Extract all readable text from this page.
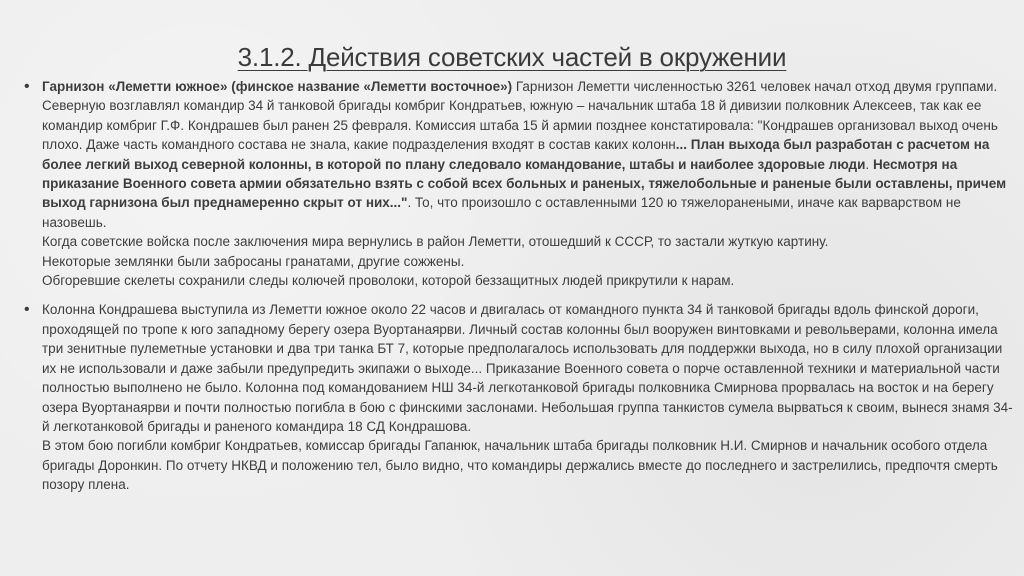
3.1.2. Действия советских частей в окружении
• Гарнизон «Леметти южное» (финское название «Леметти восточное») Гарнизон Леметти численностью 3261 человек начал отход двумя группами. Северную возглавлял командир 34 й танковой бригады комбриг Кондратьев, южную – начальник штаба 18 й дивизии полковник Алексеев, так как ее командир комбриг Г.Ф. Кондрашев был ранен 25 февраля. Комиссия штаба 15 й армии позднее констатировала: "Кондрашев организовал выход очень плохо. Даже часть командного состава не знала, какие подразделения входят в состав каких колонн... План выхода был разработан с расчетом на более легкий выход северной колонны, в которой по плану следовало командование, штабы и наиболее здоровые люди. Несмотря на приказание Военного совета армии обязательно взять с собой всех больных и раненых, тяжелобольные и раненые были оставлены, причем выход гарнизона был преднамеренно скрыт от них...". То, что произошло с оставленными 120 ю тяжелоранеными, иначе как варварством не назовешь.
Когда советские войска после заключения мира вернулись в район Леметти, отошедший к СССР, то застали жуткую картину.
Некоторые землянки были забросаны гранатами, другие сожжены.
Обгоревшие скелеты сохранили следы колючей проволоки, которой беззащитных людей прикрутили к нарам.
• Колонна Кондрашева выступила из Леметти южное около 22 часов и двигалась от командного пункта 34 й танковой бригады вдоль финской дороги, проходящей по тропе к юго западному берегу озера Вуортанаярви. Личный состав колонны был вооружен винтовками и револьверами, колонна имела три зенитные пулеметные установки и два три танка БТ 7, которые предполагалось использовать для поддержки выхода, но в силу плохой организации их не использовали и даже забыли предупредить экипажи о выходе... Приказание Военного совета о порче оставленной техники и материальной части полностью выполнено не было. Колонна под командованием НШ 34-й легкотанковой бригады полковника Смирнова прорвалась на восток и на берегу озера Вуортанаярви и почти полностью погибла в бою с финскими заслонами. Небольшая группа танкистов сумела вырваться к своим, вынеся знамя 34-й легкотанковой бригады и раненого командира 18 СД Кондрашова.
В этом бою погибли комбриг Кондратьев, комиссар бригады Гапанюк, начальник штаба бригады полковник Н.И. Смирнов и начальник особого отдела бригады Доронкин. По отчету НКВД и положению тел, было видно, что командиры держались вместе до последнего и застрелились, предпочтя смерть позору плена.
